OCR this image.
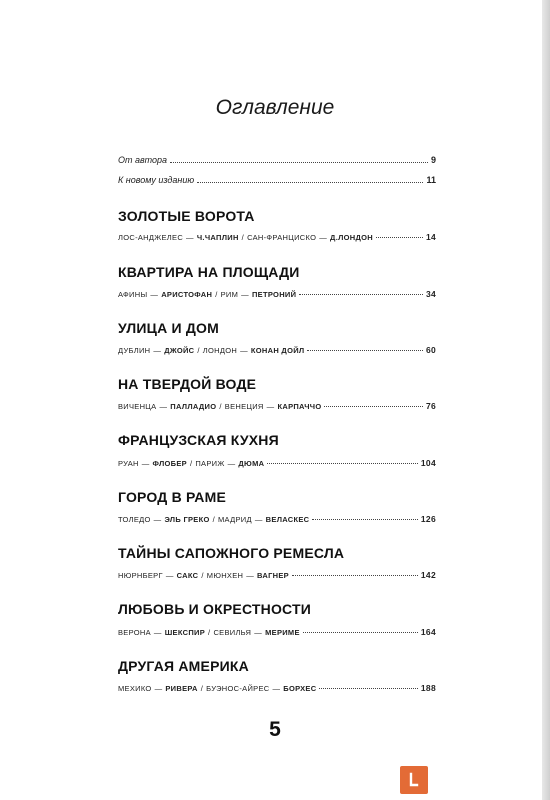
Оглавление
От автора	9
К новому изданию	11
ЗОЛОТЫЕ ВОРОТА
ЛОС-АНДЖЕЛЕС — Ч.ЧАПЛИН / САН-ФРАНЦИСКО — Д.ЛОНДОН	14
КВАРТИРА НА ПЛОЩАДИ
АФИНЫ — АРИСТОФАН / РИМ — ПЕТРОНИЙ	34
УЛИЦА И ДОМ
ДУБЛИН — ДЖОЙС / ЛОНДОН — КОНАН ДОЙЛ	60
НА ТВЕРДОЙ ВОДЕ
ВИЧЕНЦА — ПАЛЛАДИО / ВЕНЕЦИЯ — КАРПАЧЧО	76
ФРАНЦУЗСКАЯ КУХНЯ
РУАН — ФЛОБЕР / ПАРИЖ — ДЮМА	104
ГОРОД В РАМЕ
ТОЛЕДО — ЭЛЬ ГРЕКО / МАДРИД — ВЕЛАСКЕС	126
ТАЙНЫ САПОЖНОГО РЕМЕСЛА
НЮРНБЕРГ — САКС / МЮНХЕН — ВАГНЕР	142
ЛЮБОВЬ И ОКРЕСТНОСТИ
ВЕРОНА — ШЕКСПИР / СЕВИЛЬЯ — МЕРИМЕ	164
ДРУГАЯ АМЕРИКА
МЕХИКО — РИВЕРА / БУЭНОС-АЙРЕС — БОРХЕС	188
5
